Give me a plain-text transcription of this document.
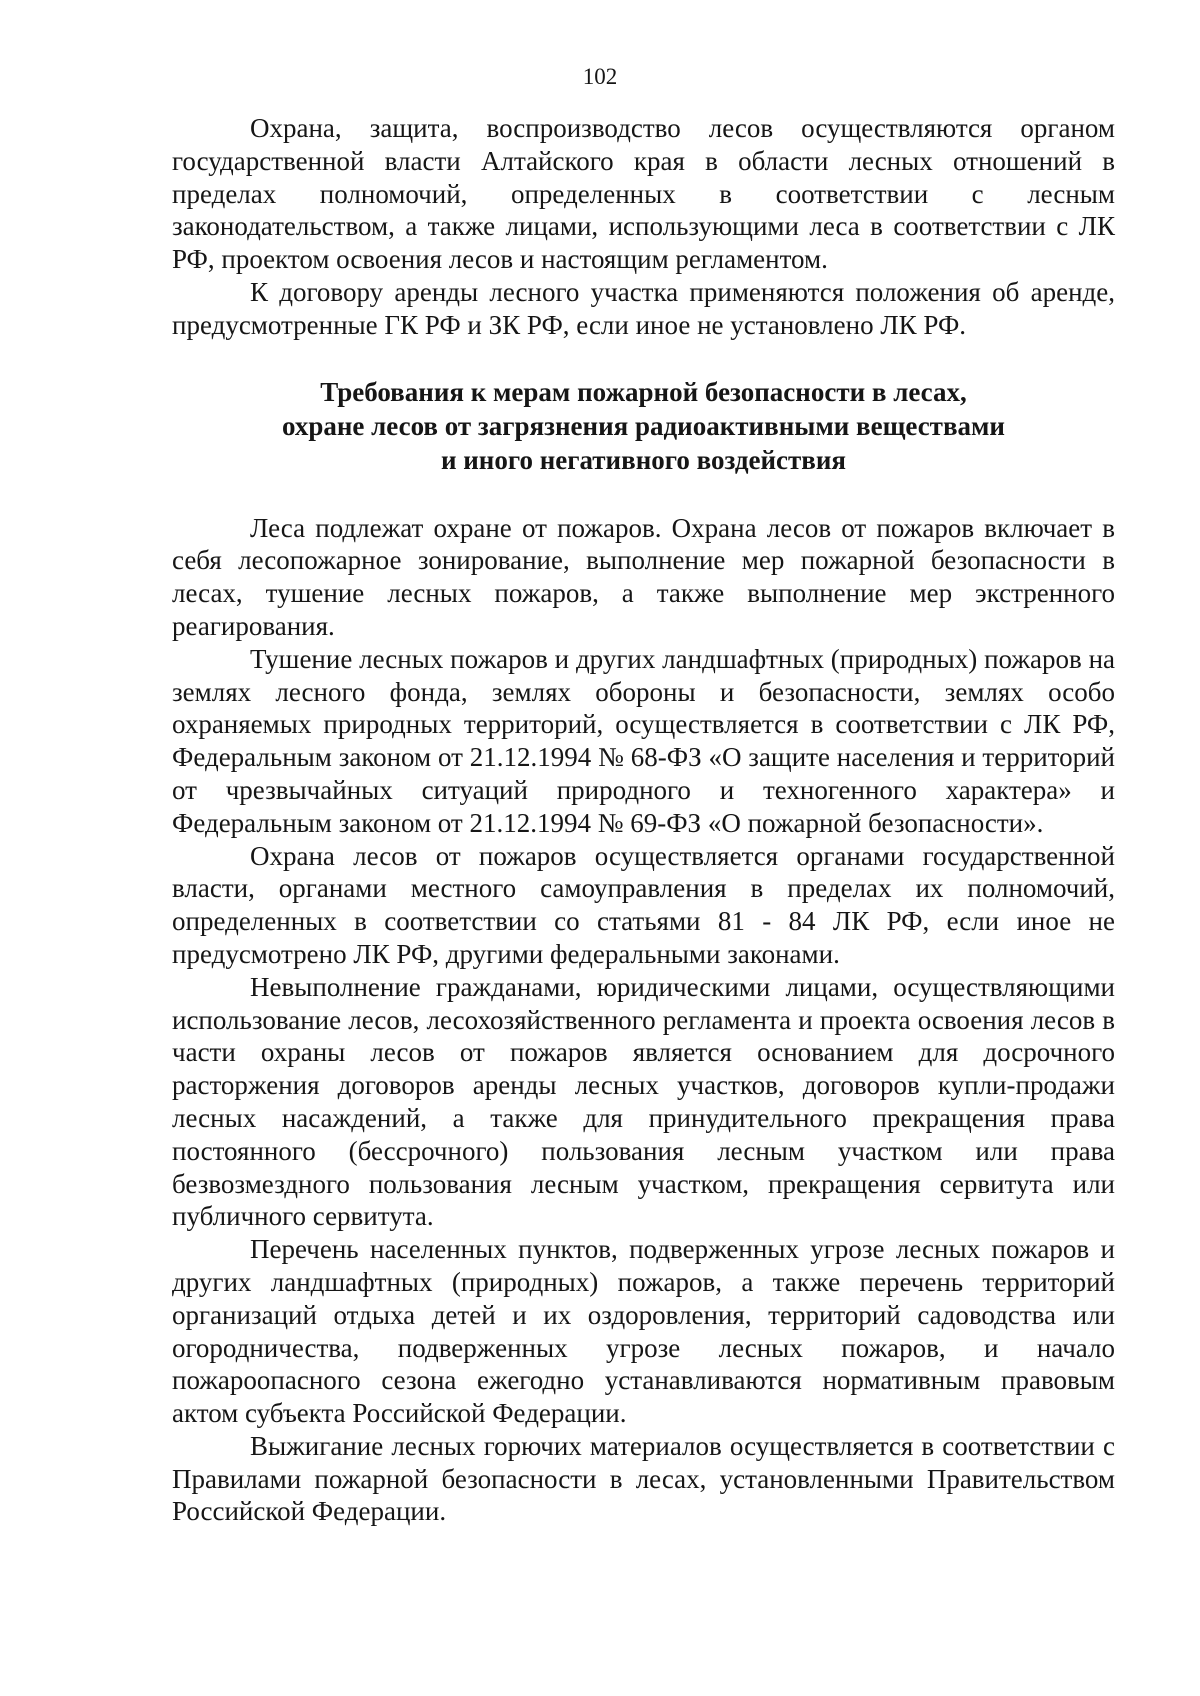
102

Охрана, защита, воспроизводство лесов осуществляются органом государственной власти Алтайского края в области лесных отношений в пределах полномочий, определенных в соответствии с лесным законодательством, а также лицами, использующими леса в соответствии с ЛК РФ, проектом освоения лесов и настоящим регламентом.

К договору аренды лесного участка применяются положения об аренде, предусмотренные ГК РФ и ЗК РФ, если иное не установлено ЛК РФ.

Требования к мерам пожарной безопасности в лесах,
охране лесов от загрязнения радиоактивными веществами
и иного негативного воздействия

Леса подлежат охране от пожаров. Охрана лесов от пожаров включает в себя лесопожарное зонирование, выполнение мер пожарной безопасности в лесах, тушение лесных пожаров, а также выполнение мер экстренного реагирования.

Тушение лесных пожаров и других ландшафтных (природных) пожаров на землях лесного фонда, землях обороны и безопасности, землях особо охраняемых природных территорий, осуществляется в соответствии с ЛК РФ, Федеральным законом от 21.12.1994 № 68-ФЗ «О защите населения и территорий от чрезвычайных ситуаций природного и техногенного характера» и Федеральным законом от 21.12.1994 № 69-ФЗ «О пожарной безопасности».

Охрана лесов от пожаров осуществляется органами государственной власти, органами местного самоуправления в пределах их полномочий, определенных в соответствии со статьями 81 - 84 ЛК РФ, если иное не предусмотрено ЛК РФ, другими федеральными законами.

Невыполнение гражданами, юридическими лицами, осуществляющими использование лесов, лесохозяйственного регламента и проекта освоения лесов в части охраны лесов от пожаров является основанием для досрочного расторжения договоров аренды лесных участков, договоров купли-продажи лесных насаждений, а также для принудительного прекращения права постоянного (бессрочного) пользования лесным участком или права безвозмездного пользования лесным участком, прекращения сервитута или публичного сервитута.

Перечень населенных пунктов, подверженных угрозе лесных пожаров и других ландшафтных (природных) пожаров, а также перечень территорий организаций отдыха детей и их оздоровления, территорий садоводства или огородничества, подверженных угрозе лесных пожаров, и начало пожароопасного сезона ежегодно устанавливаются нормативным правовым актом субъекта Российской Федерации.

Выжигание лесных горючих материалов осуществляется в соответствии с Правилами пожарной безопасности в лесах, установленными Правительством Российской Федерации.
